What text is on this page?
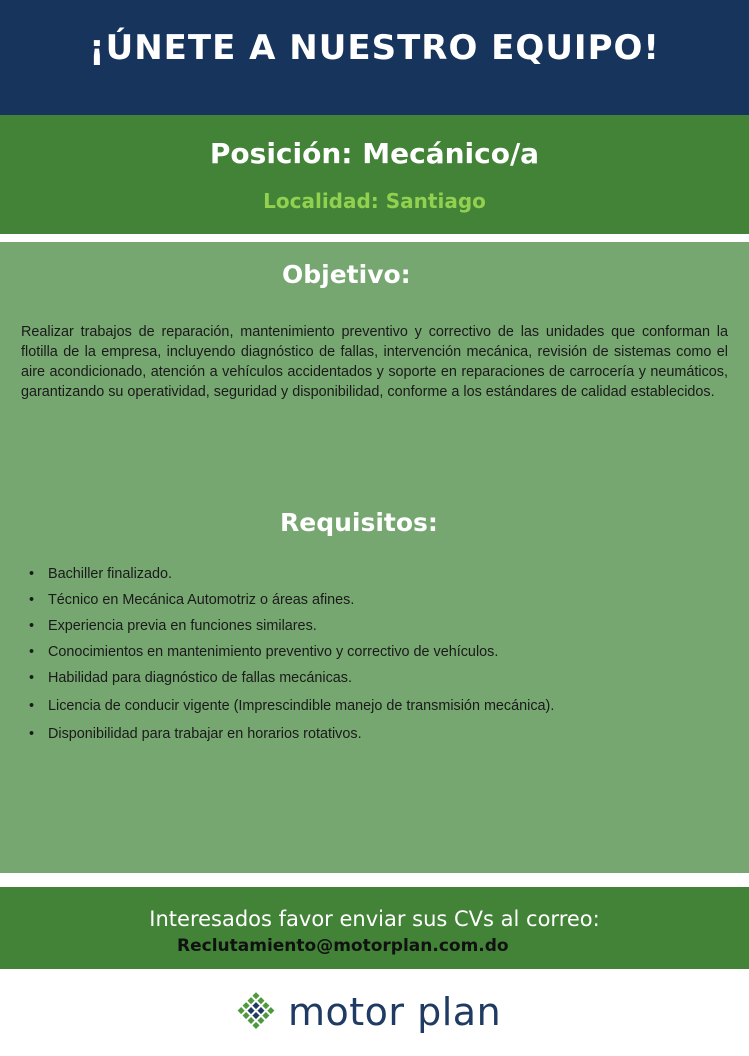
¡ÚNETE A NUESTRO EQUIPO!
Posición: Mecánico/a
Localidad: Santiago
Objetivo:

Realizar trabajos de reparación, mantenimiento preventivo y correctivo de las unidades que conforman la flotilla de la empresa, incluyendo diagnóstico de fallas, intervención mecánica, revisión de sistemas como el aire acondicionado, atención a vehículos accidentados y soporte en reparaciones de carrocería y neumáticos, garantizando su operatividad, seguridad y disponibilidad, conforme a los estándares de calidad establecidos.

Requisitos:
• Bachiller finalizado.
• Técnico en Mecánica Automotriz o áreas afines.
• Experiencia previa en funciones similares.
• Conocimientos en mantenimiento preventivo y correctivo de vehículos.
• Habilidad para diagnóstico de fallas mecánicas.
• Licencia de conducir vigente (Imprescindible manejo de transmisión mecánica).
• Disponibilidad para trabajar en horarios rotativos.
Interesados favor enviar sus CVs al correo:
Reclutamiento@motorplan.com.do
motor plan
